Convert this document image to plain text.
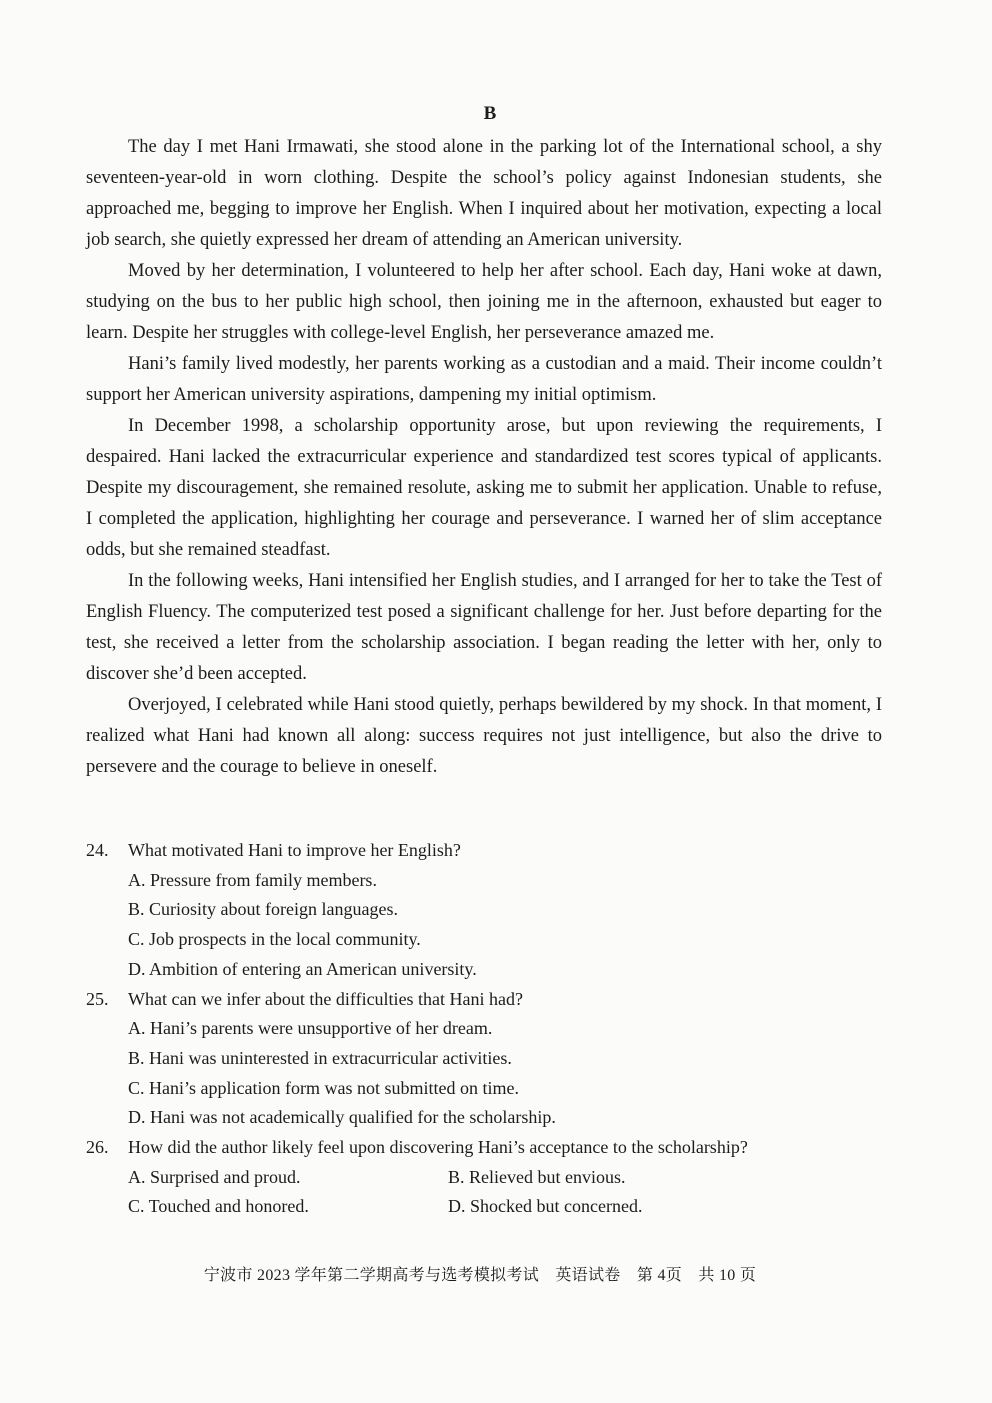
B

The day I met Hani Irmawati, she stood alone in the parking lot of the International school, a shy seventeen-year-old in worn clothing. Despite the school’s policy against Indonesian students, she approached me, begging to improve her English. When I inquired about her motivation, expecting a local job search, she quietly expressed her dream of attending an American university.

Moved by her determination, I volunteered to help her after school. Each day, Hani woke at dawn, studying on the bus to her public high school, then joining me in the afternoon, exhausted but eager to learn. Despite her struggles with college-level English, her perseverance amazed me.

Hani’s family lived modestly, her parents working as a custodian and a maid. Their income couldn’t support her American university aspirations, dampening my initial optimism.

In December 1998, a scholarship opportunity arose, but upon reviewing the requirements, I despaired. Hani lacked the extracurricular experience and standardized test scores typical of applicants. Despite my discouragement, she remained resolute, asking me to submit her application. Unable to refuse, I completed the application, highlighting her courage and perseverance. I warned her of slim acceptance odds, but she remained steadfast.

In the following weeks, Hani intensified her English studies, and I arranged for her to take the Test of English Fluency. The computerized test posed a significant challenge for her. Just before departing for the test, she received a letter from the scholarship association. I began reading the letter with her, only to discover she’d been accepted.

Overjoyed, I celebrated while Hani stood quietly, perhaps bewildered by my shock. In that moment, I realized what Hani had known all along: success requires not just intelligence, but also the drive to persevere and the courage to believe in oneself.

24.	What motivated Hani to improve her English?
A. Pressure from family members.
B. Curiosity about foreign languages.
C. Job prospects in the local community.
D. Ambition of entering an American university.
25.	What can we infer about the difficulties that Hani had?
A. Hani’s parents were unsupportive of her dream.
B. Hani was uninterested in extracurricular activities.
C. Hani’s application form was not submitted on time.
D. Hani was not academically qualified for the scholarship.
26.	How did the author likely feel upon discovering Hani’s acceptance to the scholarship?
A. Surprised and proud.	B. Relieved but envious.
C. Touched and honored.	D. Shocked but concerned.
宁波市 2023 学年第二学期高考与选考模拟考试　英语试卷　第 4页　共 10 页
